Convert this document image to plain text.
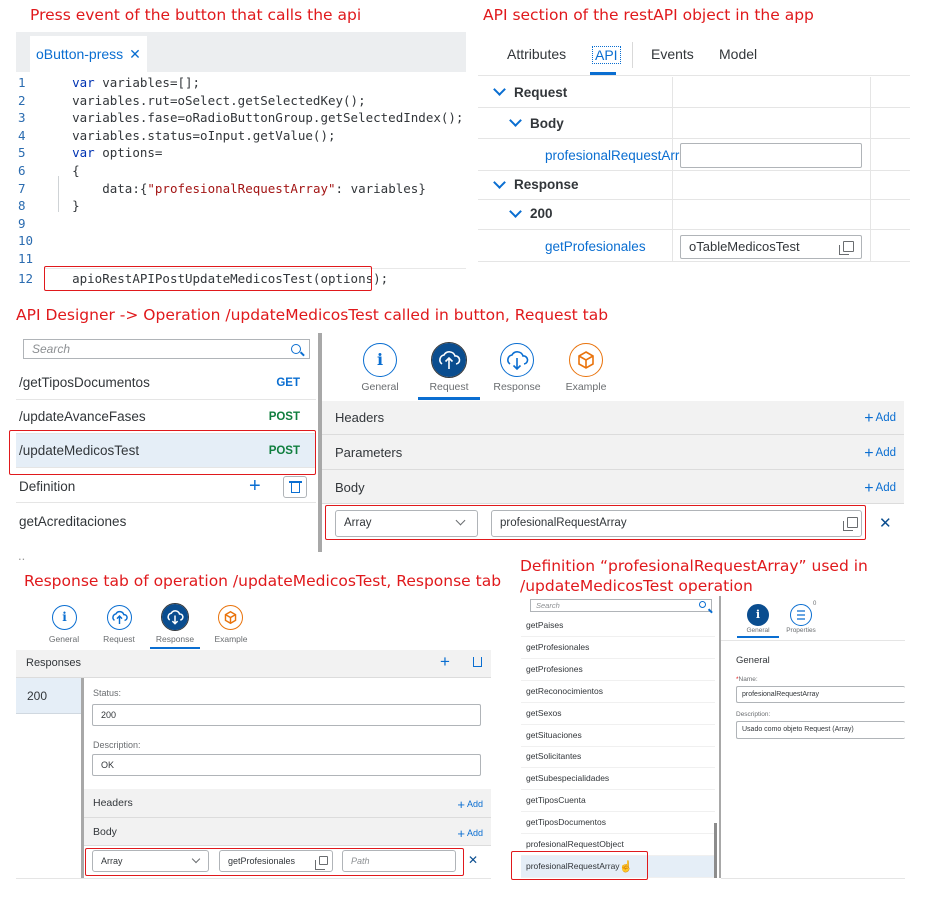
Press event of the button that calls the api
oButton-press ✕
1	var variables=[];
2	variables.rut=oSelect.getSelectedKey();
3	variables.fase=oRadioButtonGroup.getSelectedIndex();
4	variables.status=oInput.getValue();
5	var options=
6	{
7	data:{"profesionalRequestArray": variables}
8	}
9
10
11
12	apioRestAPIPostUpdateMedicosTest(options);
API section of the restAPI object in the app
Attributes API Events Model
Request
Body
profesionalRequestArr
Response
200
getProfesionales	oTableMedicosTest
API Designer -> Operation /updateMedicosTest called in button, Request tab
Search
/getTiposDocumentos	GET
/updateAvanceFases	POST
/updateMedicosTest	POST
Definition	+
getAcreditaciones
..
i
General	Request	Response	Example
Headers	+ Add
Parameters	+ Add
Body	+ Add
Array	profesionalRequestArray	✕
Response tab of operation /updateMedicosTest, Response tab
i
General	Request	Response	Example
Responses	+
200	Status:
200
Description:
OK
Headers	+ Add
Body	+ Add
Array	getProfesionales	Path	✕
Definition “profesionalRequestArray” used in
/updateMedicosTest operation
Search
getPaises
getProfesionales
getProfesiones
getReconocimientos
getSexos
getSituaciones
getSolicitantes
getSubespecialidades
getTiposCuenta
getTiposDocumentos
profesionalRequestObject
profesionalRequestArray ☝
i
General
0
Properties
General
*Name:
profesionalRequestArray
Description:
Usado como objeto Request (Array)
